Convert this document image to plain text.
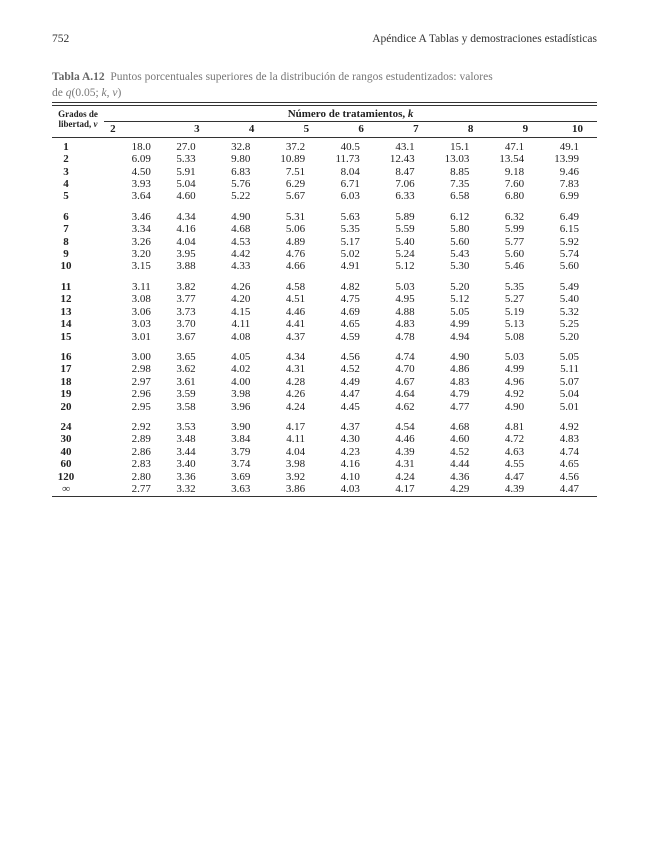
752	Apéndice A Tablas y demostraciones estadísticas
Tabla A.12 Puntos porcentuales superiores de la distribución de rangos estudentizados: valores
de q(0.05; k, v)
Grados de
libertad, v	Número de tratamientos, k								
	2	3	4	5	6	7	8	9	10

1	18.0	27.0	32.8	37.2	40.5	43.1	15.1	47.1	49.1
2	6.09	5.33	9.80	10.89	11.73	12.43	13.03	13.54	13.99
3	4.50	5.91	6.83	7.51	8.04	8.47	8.85	9.18	9.46
4	3.93	5.04	5.76	6.29	6.71	7.06	7.35	7.60	7.83
5	3.64	4.60	5.22	5.67	6.03	6.33	6.58	6.80	6.99

6	3.46	4.34	4.90	5.31	5.63	5.89	6.12	6.32	6.49
7	3.34	4.16	4.68	5.06	5.35	5.59	5.80	5.99	6.15
8	3.26	4.04	4.53	4.89	5.17	5.40	5.60	5.77	5.92
9	3.20	3.95	4.42	4.76	5.02	5.24	5.43	5.60	5.74
10	3.15	3.88	4.33	4.66	4.91	5.12	5.30	5.46	5.60

11	3.11	3.82	4.26	4.58	4.82	5.03	5.20	5.35	5.49
12	3.08	3.77	4.20	4.51	4.75	4.95	5.12	5.27	5.40
13	3.06	3.73	4.15	4.46	4.69	4.88	5.05	5.19	5.32
14	3.03	3.70	4.11	4.41	4.65	4.83	4.99	5.13	5.25
15	3.01	3.67	4.08	4.37	4.59	4.78	4.94	5.08	5.20

16	3.00	3.65	4.05	4.34	4.56	4.74	4.90	5.03	5.05
17	2.98	3.62	4.02	4.31	4.52	4.70	4.86	4.99	5.11
18	2.97	3.61	4.00	4.28	4.49	4.67	4.83	4.96	5.07
19	2.96	3.59	3.98	4.26	4.47	4.64	4.79	4.92	5.04
20	2.95	3.58	3.96	4.24	4.45	4.62	4.77	4.90	5.01

24	2.92	3.53	3.90	4.17	4.37	4.54	4.68	4.81	4.92
30	2.89	3.48	3.84	4.11	4.30	4.46	4.60	4.72	4.83
40	2.86	3.44	3.79	4.04	4.23	4.39	4.52	4.63	4.74
60	2.83	3.40	3.74	3.98	4.16	4.31	4.44	4.55	4.65
120	2.80	3.36	3.69	3.92	4.10	4.24	4.36	4.47	4.56
∞	2.77	3.32	3.63	3.86	4.03	4.17	4.29	4.39	4.47
